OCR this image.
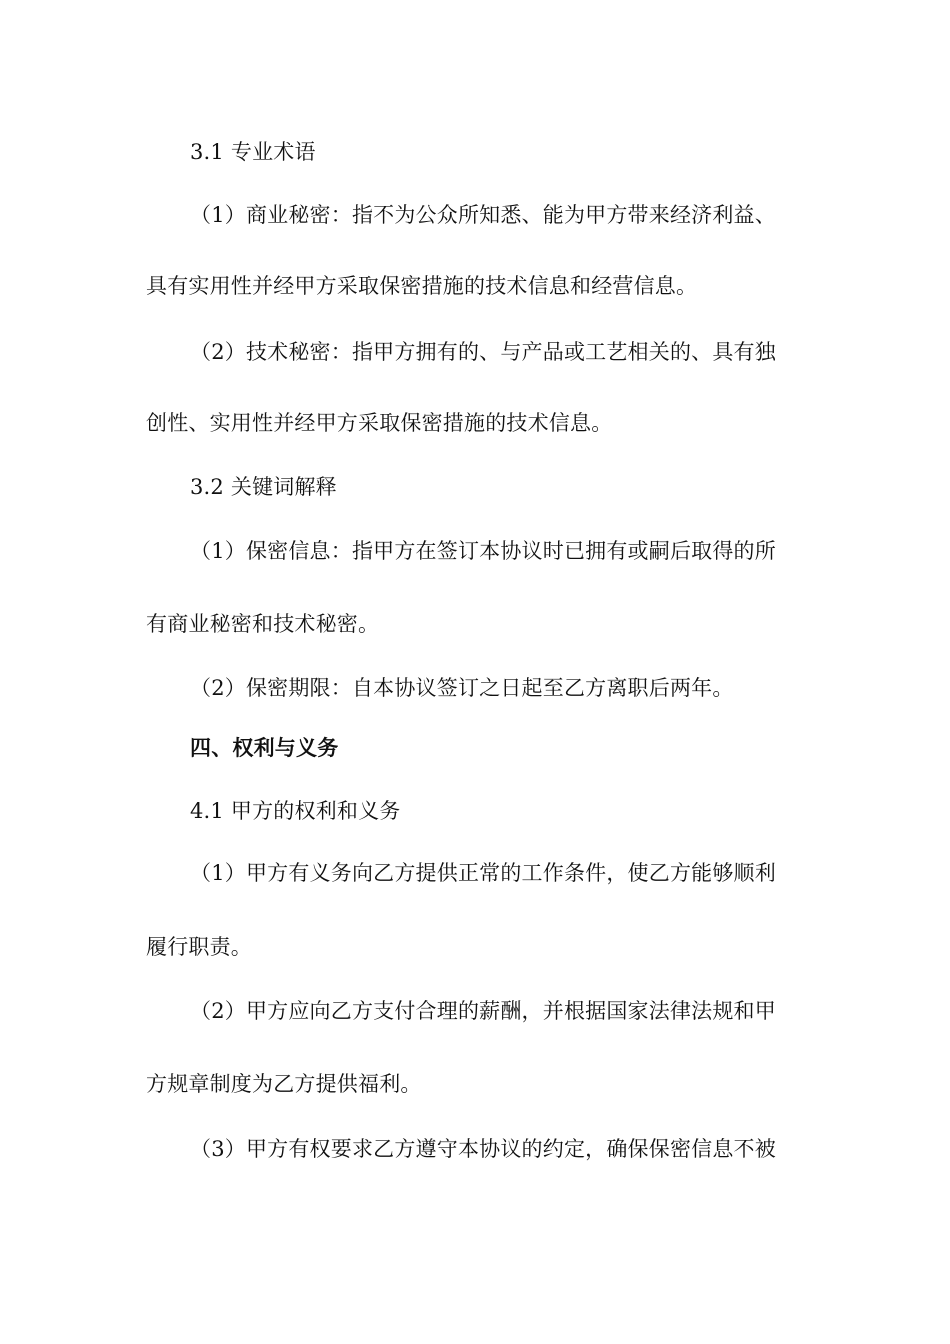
3.1 专业术语
（1）商业秘密：指不为公众所知悉、能为甲方带来经济利益、
具有实用性并经甲方采取保密措施的技术信息和经营信息。
（2）技术秘密：指甲方拥有的、与产品或工艺相关的、具有独
创性、实用性并经甲方采取保密措施的技术信息。
3.2 关键词解释
（1）保密信息：指甲方在签订本协议时已拥有或嗣后取得的所
有商业秘密和技术秘密。
（2）保密期限：自本协议签订之日起至乙方离职后两年。
四、权利与义务
4.1 甲方的权利和义务
（1）甲方有义务向乙方提供正常的工作条件，使乙方能够顺利
履行职责。
（2）甲方应向乙方支付合理的薪酬，并根据国家法律法规和甲
方规章制度为乙方提供福利。
（3）甲方有权要求乙方遵守本协议的约定，确保保密信息不被
